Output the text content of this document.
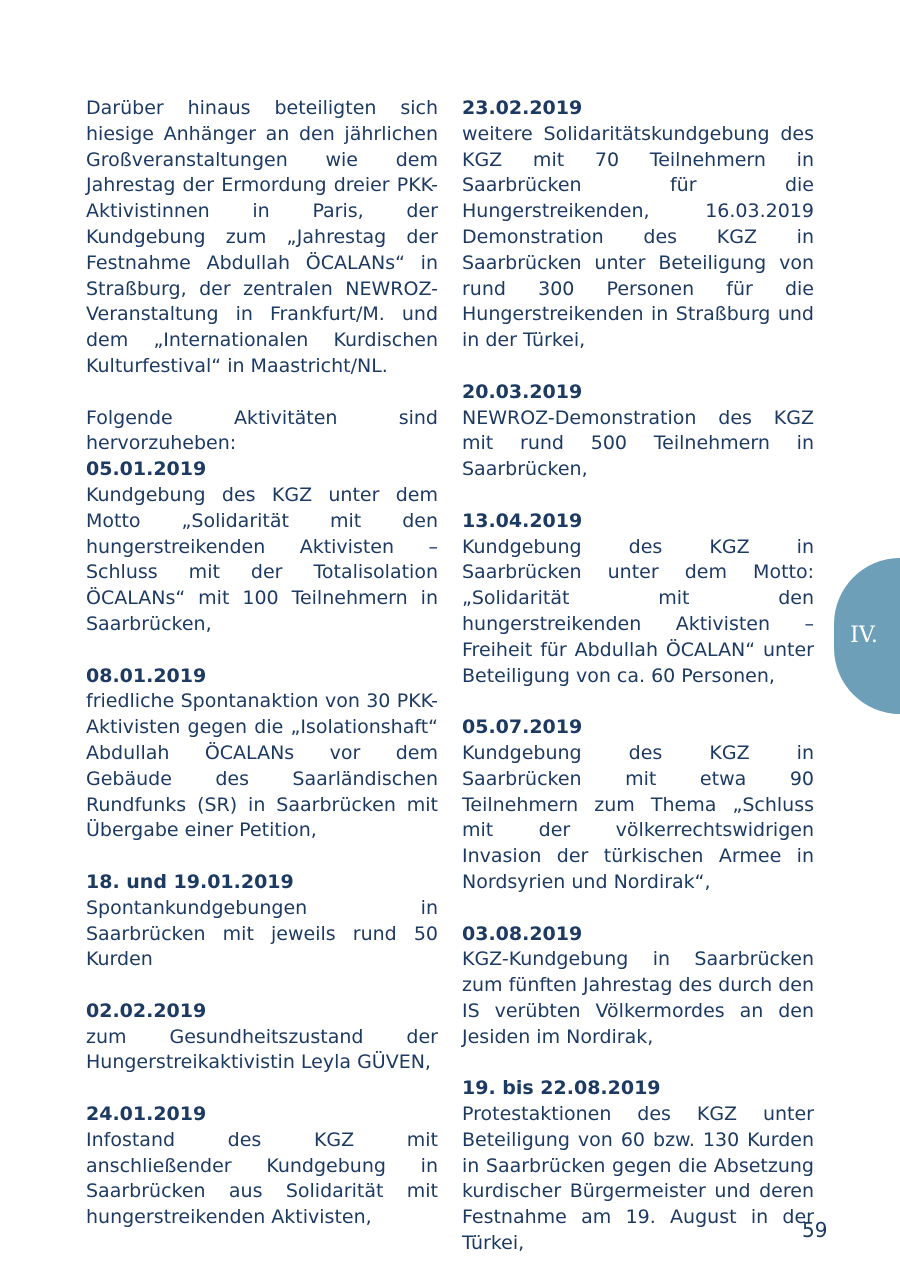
Darüber hinaus beteiligten sich hiesige Anhänger an den jährlichen Großveranstaltungen wie dem Jahrestag der Ermordung dreier PKK-Aktivistinnen in Paris, der Kundgebung zum „Jahrestag der Festnahme Abdullah ÖCALANs“ in Straßburg, der zentralen NEWROZ-Veranstaltung in Frankfurt/M. und dem „Internationalen Kurdischen Kulturfestival“ in Maastricht/NL.

Folgende Aktivitäten sind hervorzuheben:

05.01.2019
Kundgebung des KGZ unter dem Motto „Solidarität mit den hungerstreikenden Aktivisten – Schluss mit der Totalisolation ÖCALANs“ mit 100 Teilnehmern in Saarbrücken,
08.01.2019
friedliche Spontanaktion von 30 PKK-Aktivisten gegen die „Isolationshaft“ Abdullah ÖCALANs vor dem Gebäude des Saarländischen Rundfunks (SR) in Saarbrücken mit Übergabe einer Petition,
18. und 19.01.2019
Spontankundgebungen in Saarbrücken mit jeweils rund 50 Kurden
02.02.2019
zum Gesundheitszustand der Hungerstreikaktivistin Leyla GÜVEN,
24.01.2019
Infostand des KGZ mit anschließender Kundgebung in Saarbrücken aus Solidarität mit hungerstreikenden Aktivisten,
23.02.2019
weitere Solidaritätskundgebung des KGZ mit 70 Teilnehmern in Saarbrücken für die Hungerstreikenden, 16.03.2019 Demonstration des KGZ in Saarbrücken unter Beteiligung von rund 300 Personen für die Hungerstreikenden in Straßburg und in der Türkei,
20.03.2019
NEWROZ-Demonstration des KGZ mit rund 500 Teilnehmern in Saarbrücken,
13.04.2019
Kundgebung des KGZ in Saarbrücken unter dem Motto: „Solidarität mit den hungerstreikenden Aktivisten – Freiheit für Abdullah ÖCALAN“ unter Beteiligung von ca. 60 Personen,
05.07.2019
Kundgebung des KGZ in Saarbrücken mit etwa 90 Teilnehmern zum Thema „Schluss mit der völkerrechtswidrigen Invasion der türkischen Armee in Nordsyrien und Nordirak“,
03.08.2019
KGZ-Kundgebung in Saarbrücken zum fünften Jahrestag des durch den IS verübten Völkermordes an den Jesiden im Nordirak,
19. bis 22.08.2019
Protestaktionen des KGZ unter Beteiligung von 60 bzw. 130 Kurden in Saarbrücken gegen die Absetzung kurdischer Bürgermeister und deren Festnahme am 19. August in der Türkei,
IV.
59
